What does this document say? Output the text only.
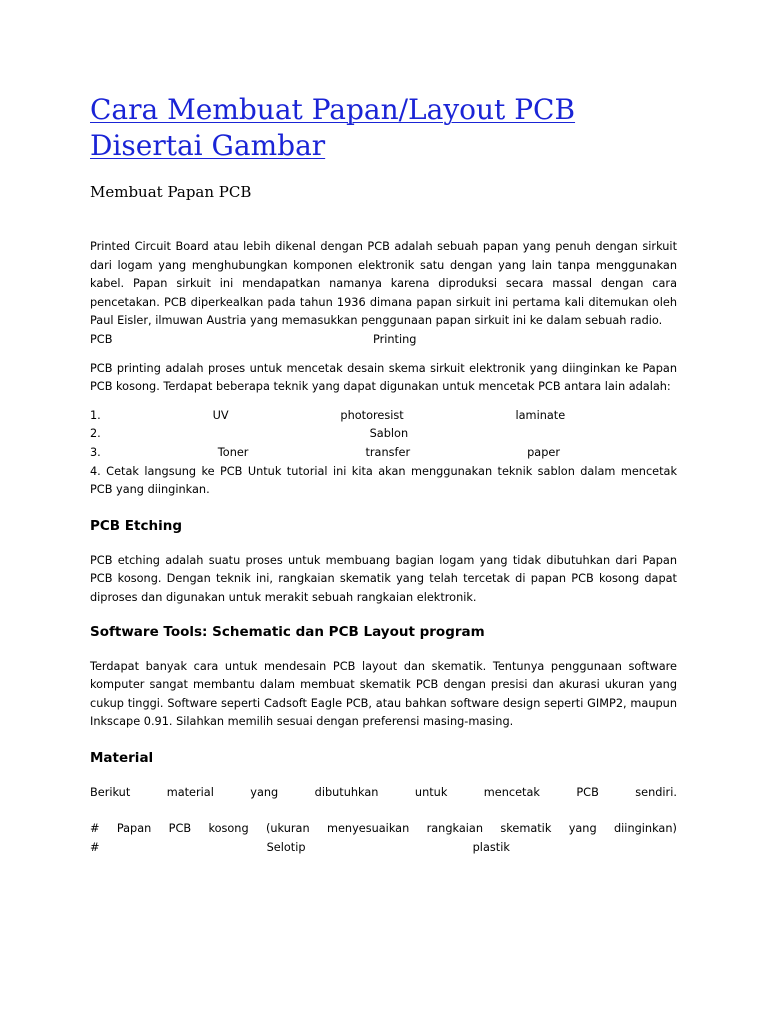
Cara Membuat Papan/Layout PCB Disertai Gambar
Membuat Papan PCB

Printed Circuit Board atau lebih dikenal dengan PCB adalah sebuah papan yang penuh dengan sirkuit dari logam yang menghubungkan komponen elektronik satu dengan yang lain tanpa menggunakan kabel. Papan sirkuit ini mendapatkan namanya karena diproduksi secara massal dengan cara pencetakan. PCB diperkealkan pada tahun 1936 dimana papan sirkuit ini pertama kali ditemukan oleh Paul Eisler, ilmuwan Austria yang memasukkan penggunaan papan sirkuit ini ke dalam sebuah radio.

PCB	Printing

PCB printing adalah proses untuk mencetak desain skema sirkuit elektronik yang diinginkan ke Papan PCB kosong. Terdapat beberapa teknik yang dapat digunakan untuk mencetak PCB antara lain adalah:

1.	UV	photoresist	laminate
2.	Sablon
3.	Toner	transfer	paper

4. Cetak langsung ke PCB Untuk tutorial ini kita akan menggunakan teknik sablon dalam mencetak PCB yang diinginkan.

PCB Etching

PCB etching adalah suatu proses untuk membuang bagian logam yang tidak dibutuhkan dari Papan PCB kosong. Dengan teknik ini, rangkaian skematik yang telah tercetak di papan PCB kosong dapat diproses dan digunakan untuk merakit sebuah rangkaian elektronik.

Software Tools: Schematic dan PCB Layout program

Terdapat banyak cara untuk mendesain PCB layout dan skematik. Tentunya penggunaan software komputer sangat membantu dalam membuat skematik PCB dengan presisi dan akurasi ukuran yang cukup tinggi. Software seperti Cadsoft Eagle PCB, atau bahkan software design seperti GIMP2, maupun Inkscape 0.91. Silahkan memilih sesuai dengan preferensi masing-masing.

Material
Berikut	material	yang	dibutuhkan	untuk	mencetak	PCB	sendiri.
# Papan PCB kosong (ukuran menyesuaikan rangkaian skematik yang diinginkan)
#	Selotip	plastik
